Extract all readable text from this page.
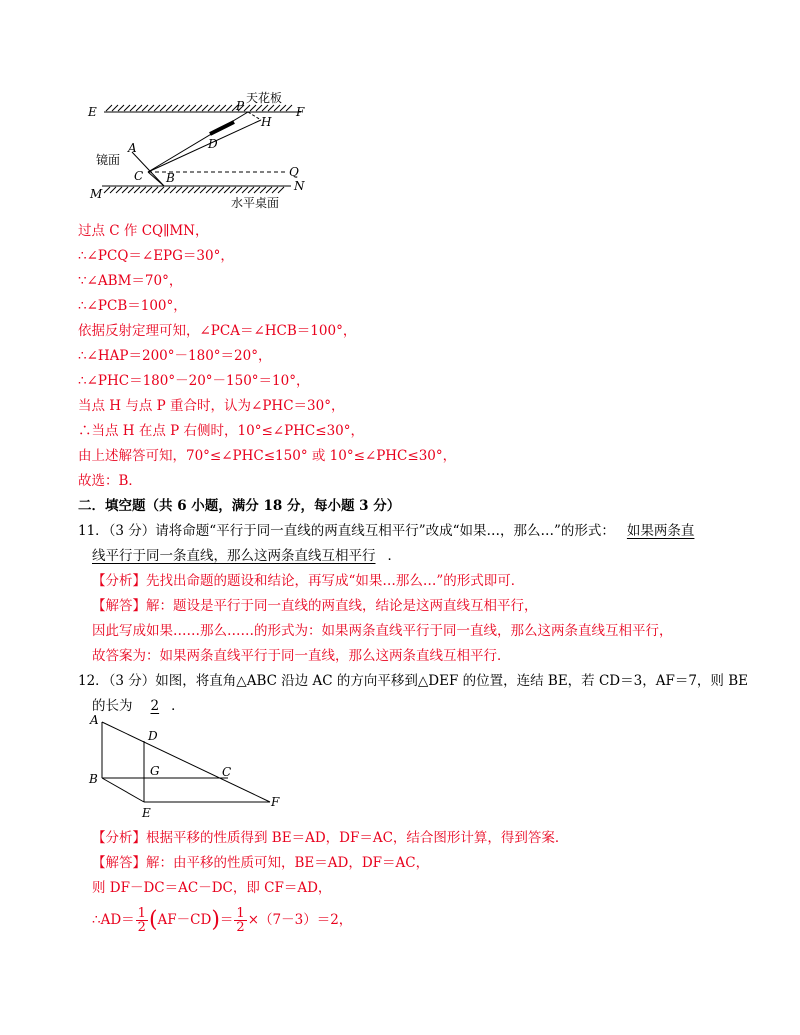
E	F
天花板
P
H
D
A
镜面
C B	Q
M
N
水平桌面
过点 C 作 CQ∥MN，
∴∠PCQ＝∠EPG＝30°，
∵∠ABM＝70°，
∴∠PCB＝100°，
依据反射定理可知，∠PCA＝∠HCB＝100°，
∴∠HAP＝200°－180°＝20°，
∴∠PHC＝180°－20°－150°＝10°，
当点 H 与点 P 重合时，认为∠PHC＝30°，
∴当点 H 在点 P 右侧时，10°≤∠PHC≤30°，
由上述解答可知，70°≤∠PHC≤150° 或 10°≤∠PHC≤30°，
故选：B．
二．填空题（共 6 小题，满分 18 分，每小题 3 分）
11．（3 分）请将命题“平行于同一直线的两直线互相平行”改成“如果…，那么…”的形式： 如果两条直
线平行于同一条直线，那么这两条直线互相平行 ．
【分析】先找出命题的题设和结论，再写成“如果…那么…”的形式即可．
【解答】解：题设是平行于同一直线的两直线，结论是这两直线互相平行，
因此写成如果……那么……的形式为：如果两条直线平行于同一直线，那么这两条直线互相平行，
故答案为：如果两条直线平行于同一直线，那么这两条直线互相平行．
12．（3 分）如图，将直角△ABC 沿边 AC 的方向平移到△DEF 的位置，连结 BE，若 CD＝3，AF＝7，则 BE
的长为 2 ．
A
D
G	C
B
E
F
【分析】根据平移的性质得到 BE＝AD，DF＝AC，结合图形计算，得到答案．
【解答】解：由平移的性质可知，BE＝AD，DF＝AC，
则 DF－DC＝AC－DC，即 CF＝AD，
∴AD＝ $\frac{1}{2} (AF-CD)= \frac{1}{2} \times(7-3)=2$，
